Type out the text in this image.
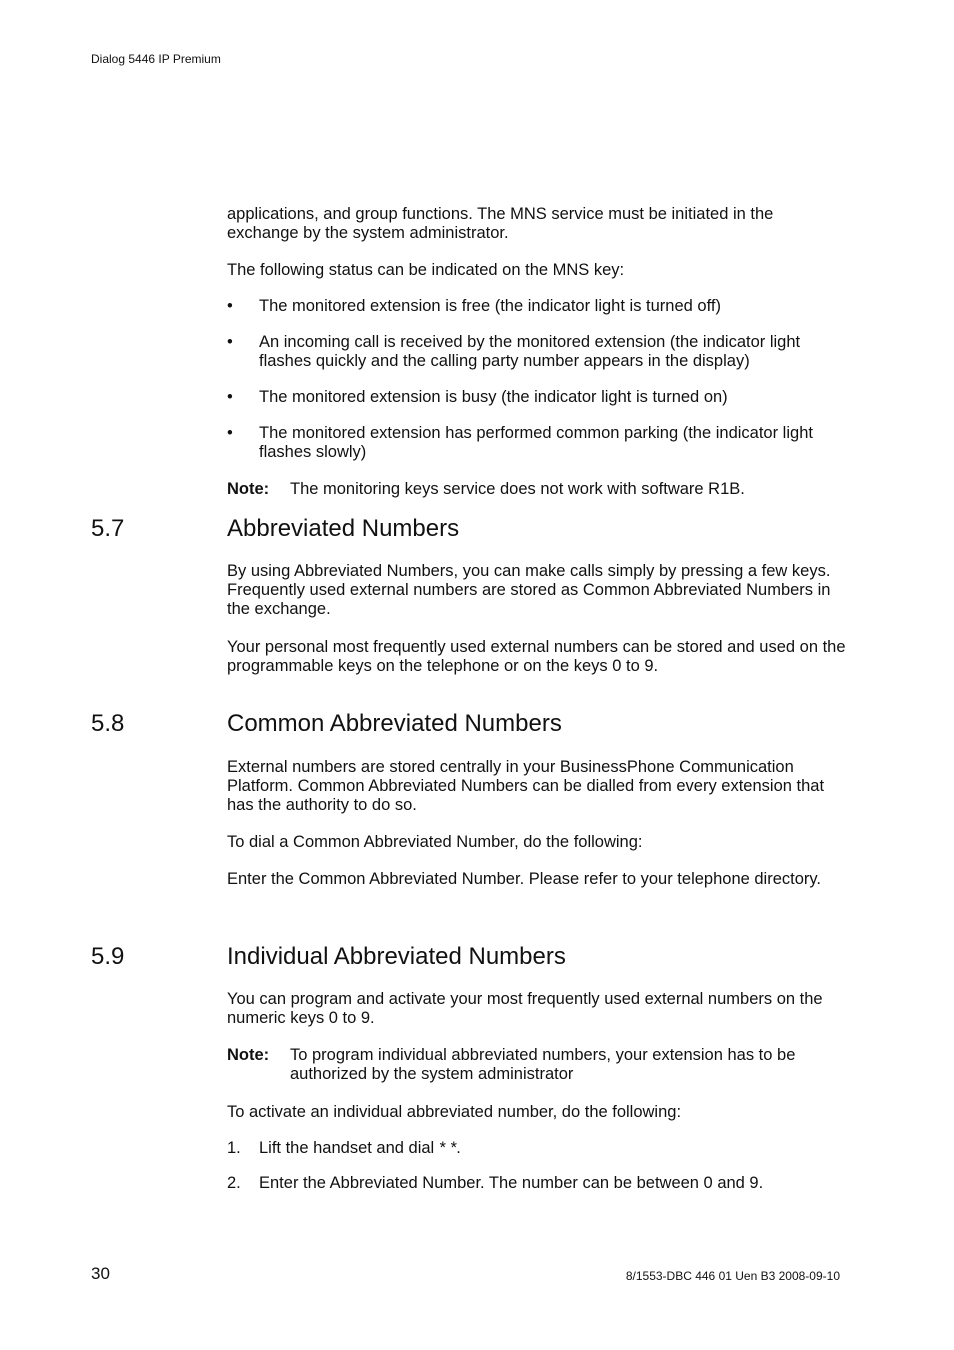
Dialog 5446 IP Premium
applications, and group functions. The MNS service must be initiated in the exchange by the system administrator.
The following status can be indicated on the MNS key:
• The monitored extension is free (the indicator light is turned off)
• An incoming call is received by the monitored extension (the indicator light flashes quickly and the calling party number appears in the display)
• The monitored extension is busy (the indicator light is turned on)
• The monitored extension has performed common parking (the indicator light flashes slowly)
Note: The monitoring keys service does not work with software R1B.
5.7	Abbreviated Numbers
By using Abbreviated Numbers, you can make calls simply by pressing a few keys. Frequently used external numbers are stored as Common Abbreviated Numbers in the exchange.
Your personal most frequently used external numbers can be stored and used on the programmable keys on the telephone or on the keys 0 to 9.
5.8	Common Abbreviated Numbers
External numbers are stored centrally in your BusinessPhone Communication Platform. Common Abbreviated Numbers can be dialled from every extension that has the authority to do so.
To dial a Common Abbreviated Number, do the following:
Enter the Common Abbreviated Number. Please refer to your telephone directory.
5.9	Individual Abbreviated Numbers
You can program and activate your most frequently used external numbers on the numeric keys 0 to 9.
Note: To program individual abbreviated numbers, your extension has to be authorized by the system administrator
To activate an individual abbreviated number, do the following:
1. Lift the handset and dial * *.
2. Enter the Abbreviated Number. The number can be between 0 and 9.
30	8/1553-DBC 446 01 Uen B3 2008-09-10
